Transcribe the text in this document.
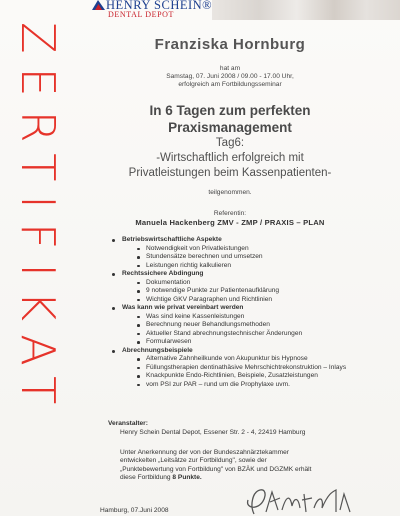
HENRY SCHEIN®
DENTAL DEPOT
ZERTIFIKAT	Franziska Hornburg
hat am
Samstag, 07. Juni 2008 / 09.00 - 17.00 Uhr,
erfolgreich am Fortbildungsseminar
In 6 Tagen zum perfekten
Praxismanagement
Tag6:
-Wirtschaftlich erfolgreich mit
Privatleistungen beim Kassenpatienten-
teilgenommen.
Referentin:
Manuela Hackenberg ZMV - ZMP / PRAXIS – PLAN
Betriebswirtschaftliche Aspekte
Notwendigkeit von Privatleistungen
Stundensätze berechnen und umsetzen
Leistungen richtig kalkulieren
Rechtssichere Abdingung
Dokumentation
9 notwendige Punkte zur Patientenaufklärung
Wichtige GKV Paragraphen und Richtlinien
Was kann wie privat vereinbart werden
Was sind keine Kassenleistungen
Berechnung neuer Behandlungsmethoden
Aktueller Stand abrechnungstechnischer Änderungen
Formularwesen
Abrechnungsbeispiele
Alternative Zahnheilkunde von Akupunktur bis Hypnose
Füllungstherapien dentinathäsive Mehrschichtrekonstruktion – Inlays
Knackpunkte Endo-Richtlinien, Beispiele, Zusatzleistungen
vom PSI zur PAR – rund um die Prophylaxe uvm.
Veranstalter:
Henry Schein Dental Depot, Essener Str. 2 - 4, 22419 Hamburg
Unter Anerkennung der von der Bundeszahnärztekammer
entwickelten „Leitsätze zur Fortbildung", sowie der
„Punktebewertung von Fortbildung" von BZÄK und DGZMK erhält
diese Fortbildung 8 Punkte.
Hamburg, 07.Juni 2008
